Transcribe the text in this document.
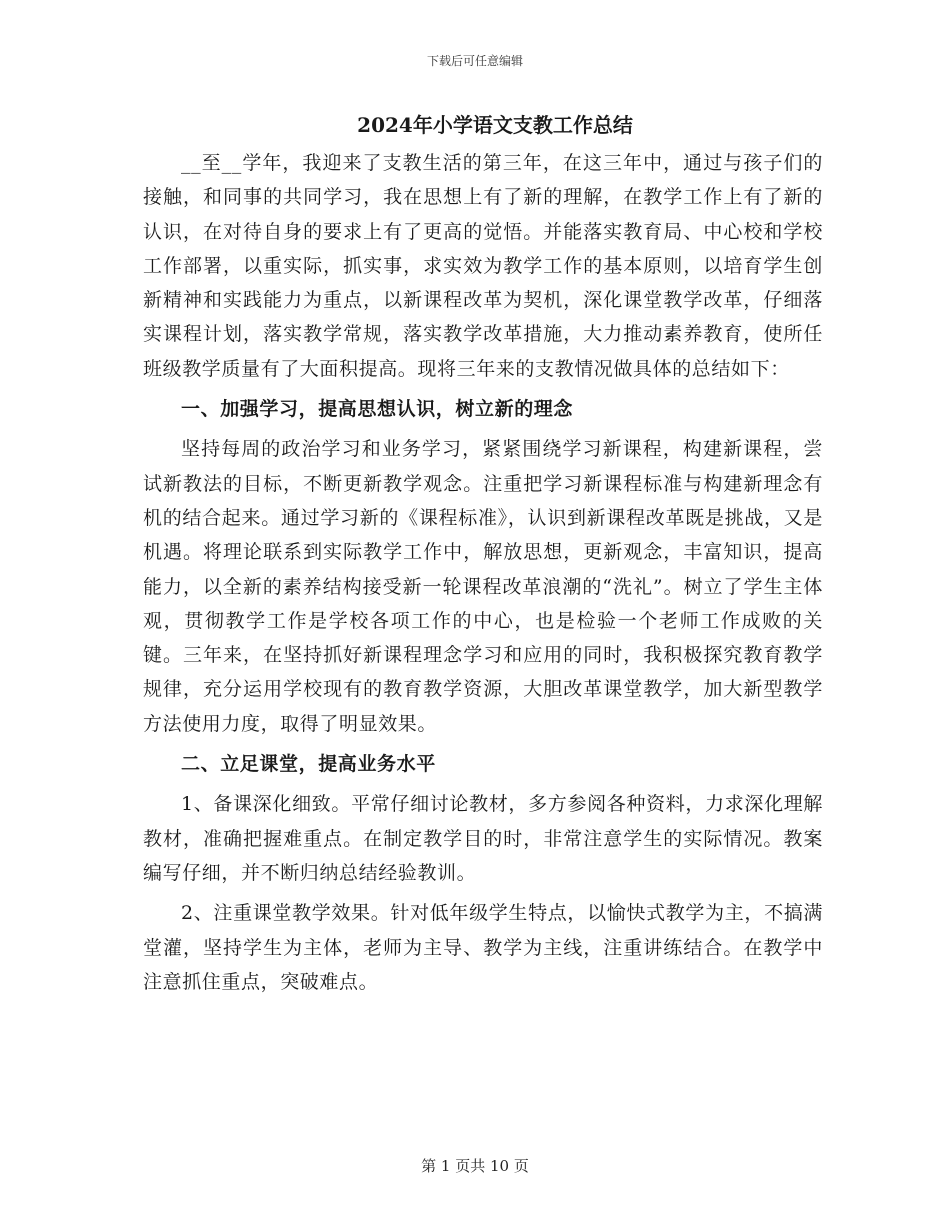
下载后可任意编辑
2024年小学语文支教工作总结

__至__学年，我迎来了支教生活的第三年，在这三年中，通过与孩子们的接触，和同事的共同学习，我在思想上有了新的理解，在教学工作上有了新的认识，在对待自身的要求上有了更高的觉悟。并能落实教育局、中心校和学校工作部署，以重实际，抓实事，求实效为教学工作的基本原则，以培育学生创新精神和实践能力为重点，以新课程改革为契机，深化课堂教学改革，仔细落实课程计划，落实教学常规，落实教学改革措施，大力推动素养教育，使所任班级教学质量有了大面积提高。现将三年来的支教情况做具体的总结如下：

一、加强学习，提高思想认识，树立新的理念

坚持每周的政治学习和业务学习，紧紧围绕学习新课程，构建新课程，尝试新教法的目标，不断更新教学观念。注重把学习新课程标准与构建新理念有机的结合起来。通过学习新的《课程标准》，认识到新课程改革既是挑战，又是机遇。将理论联系到实际教学工作中，解放思想，更新观念，丰富知识，提高能力，以全新的素养结构接受新一轮课程改革浪潮的“洗礼”。树立了学生主体观，贯彻教学工作是学校各项工作的中心，也是检验一个老师工作成败的关键。三年来，在坚持抓好新课程理念学习和应用的同时，我积极探究教育教学规律，充分运用学校现有的教育教学资源，大胆改革课堂教学，加大新型教学方法使用力度，取得了明显效果。

二、立足课堂，提高业务水平

1、备课深化细致。平常仔细讨论教材，多方参阅各种资料，力求深化理解教材，准确把握难重点。在制定教学目的时，非常注意学生的实际情况。教案编写仔细，并不断归纳总结经验教训。

2、注重课堂教学效果。针对低年级学生特点，以愉快式教学为主，不搞满堂灌，坚持学生为主体，老师为主导、教学为主线，注重讲练结合。在教学中注意抓住重点，突破难点。

第 1 页共 10 页
